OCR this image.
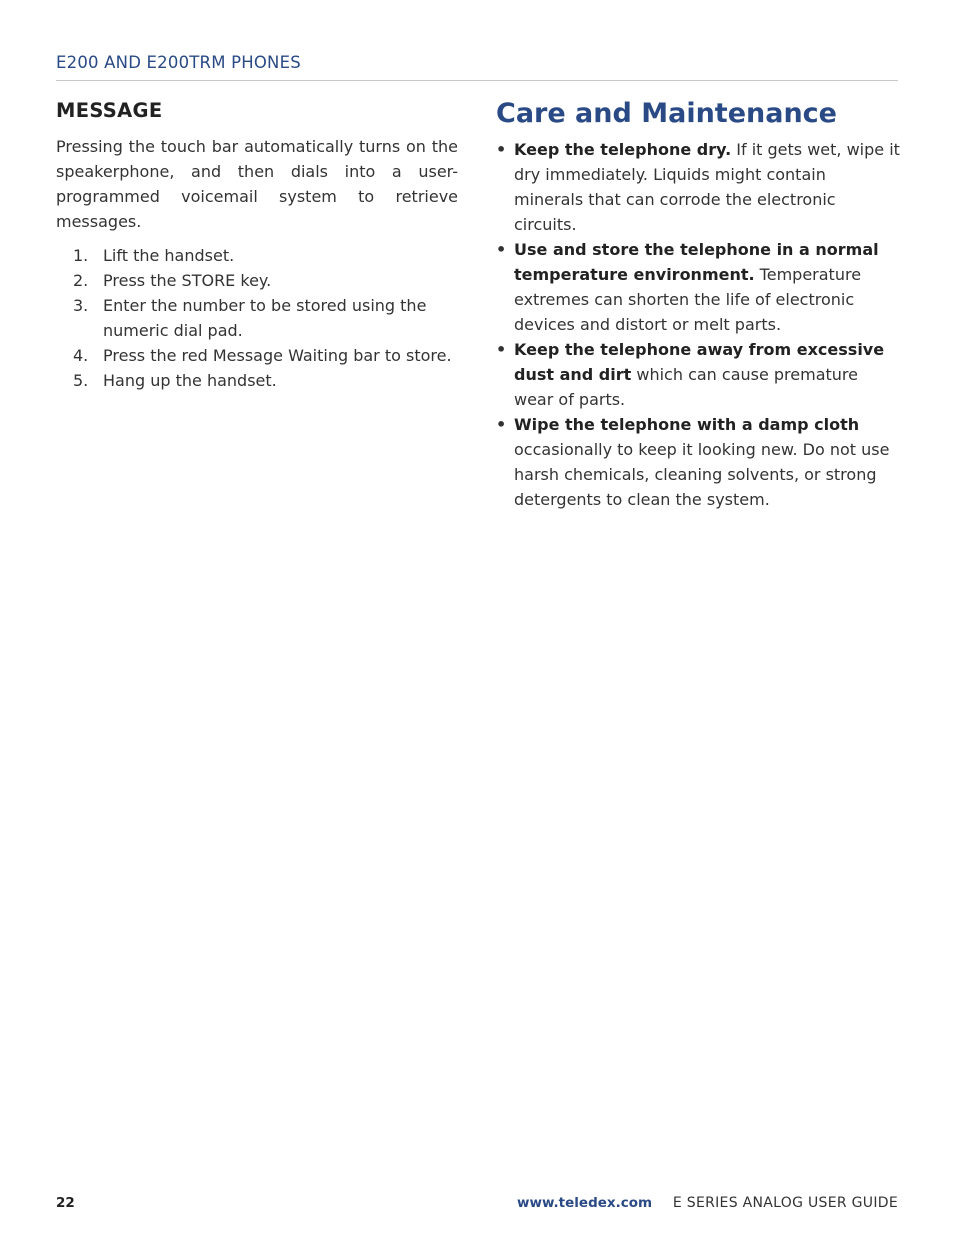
E200 AND E200TRM PHONES
MESSAGE

Pressing the touch bar automatically turns on the speakerphone, and then dials into a user-programmed voicemail system to retrieve messages.

1. Lift the handset.
2. Press the STORE key.
3. Enter the number to be stored using the numeric dial pad.
4. Press the red Message Waiting bar to store.
5. Hang up the handset.
Care and Maintenance
• Keep the telephone dry. If it gets wet, wipe it dry immediately. Liquids might contain minerals that can corrode the electronic circuits.
• Use and store the telephone in a normal temperature environment. Temperature extremes can shorten the life of electronic devices and distort or melt parts.
• Keep the telephone away from excessive dust and dirt which can cause premature wear of parts.
• Wipe the telephone with a damp cloth occasionally to keep it looking new. Do not use harsh chemicals, cleaning solvents, or strong detergents to clean the system.
22	www.teledex.com E SERIES ANALOG USER GUIDE
